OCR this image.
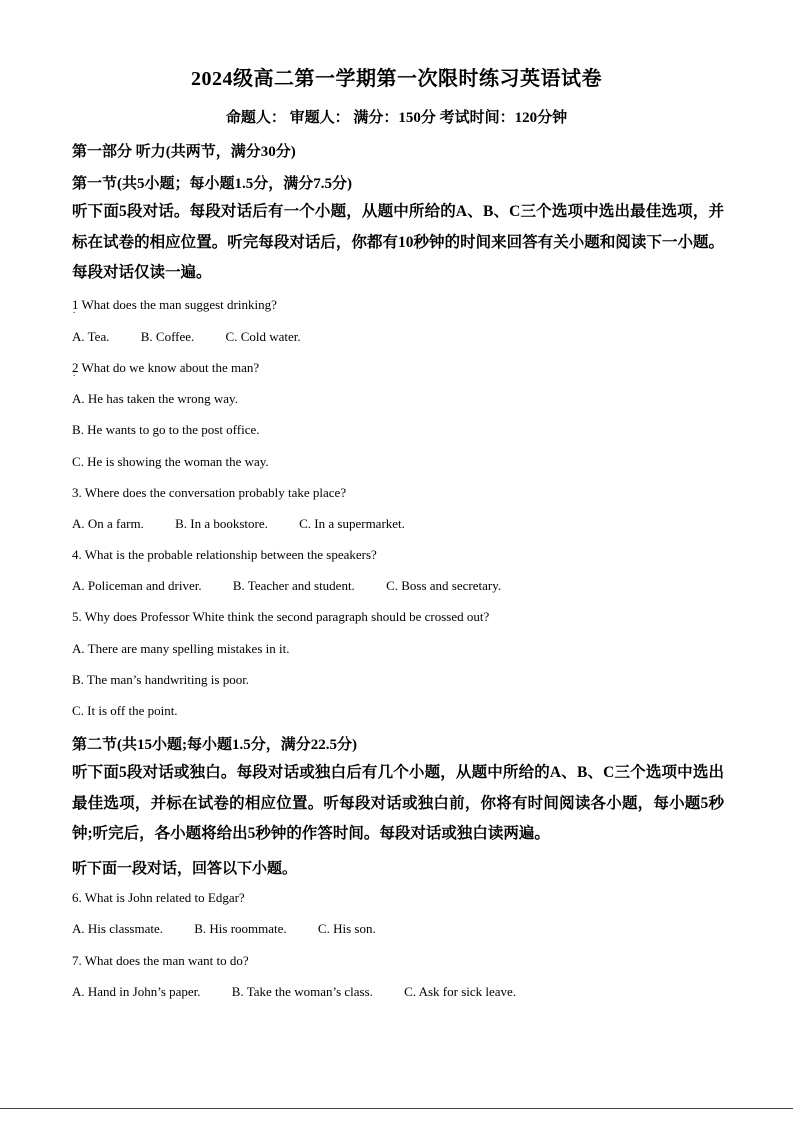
2024级高二第一学期第一次限时练习英语试卷
命题人： 审题人： 满分：150分 考试时间：120分钟
第一部分 听力(共两节，满分30分)
第一节(共5小题；每小题1.5分，满分7.5分)
听下面5段对话。每段对话后有一个小题，从题中所给的A、B、C三个选项中选出最佳选项，并标在试卷的相应位置。听完每段对话后，你都有10秒钟的时间来回答有关小题和阅读下一小题。每段对话仅读一遍。
1 . What does the man suggest drinking?
A. Tea. B. Coffee. C. Cold water.
2 . What do we know about the man?
A. He has taken the wrong way.
B. He wants to go to the post office.
C. He is showing the woman the way.
3. Where does the conversation probably take place?
A. On a farm. B. In a bookstore. C. In a supermarket.
4. What is the probable relationship between the speakers?
A. Policeman and driver. B. Teacher and student. C. Boss and secretary.
5. Why does Professor White think the second paragraph should be crossed out?
A. There are many spelling mistakes in it.
B. The man’s handwriting is poor.
C. It is off the point.
第二节(共15小题;每小题1.5分，满分22.5分)
听下面5段对话或独白。每段对话或独白后有几个小题，从题中所给的A、B、C三个选项中选出最佳选项，并标在试卷的相应位置。听每段对话或独白前，你将有时间阅读各小题，每小题5秒钟;听完后，各小题将给出5秒钟的作答时间。每段对话或独白读两遍。
听下面一段对话，回答以下小题。
6. What is John related to Edgar?
A. His classmate. B. His roommate. C. His son.
7. What does the man want to do?
A. Hand in John’s paper. B. Take the woman’s class. C. Ask for sick leave.
